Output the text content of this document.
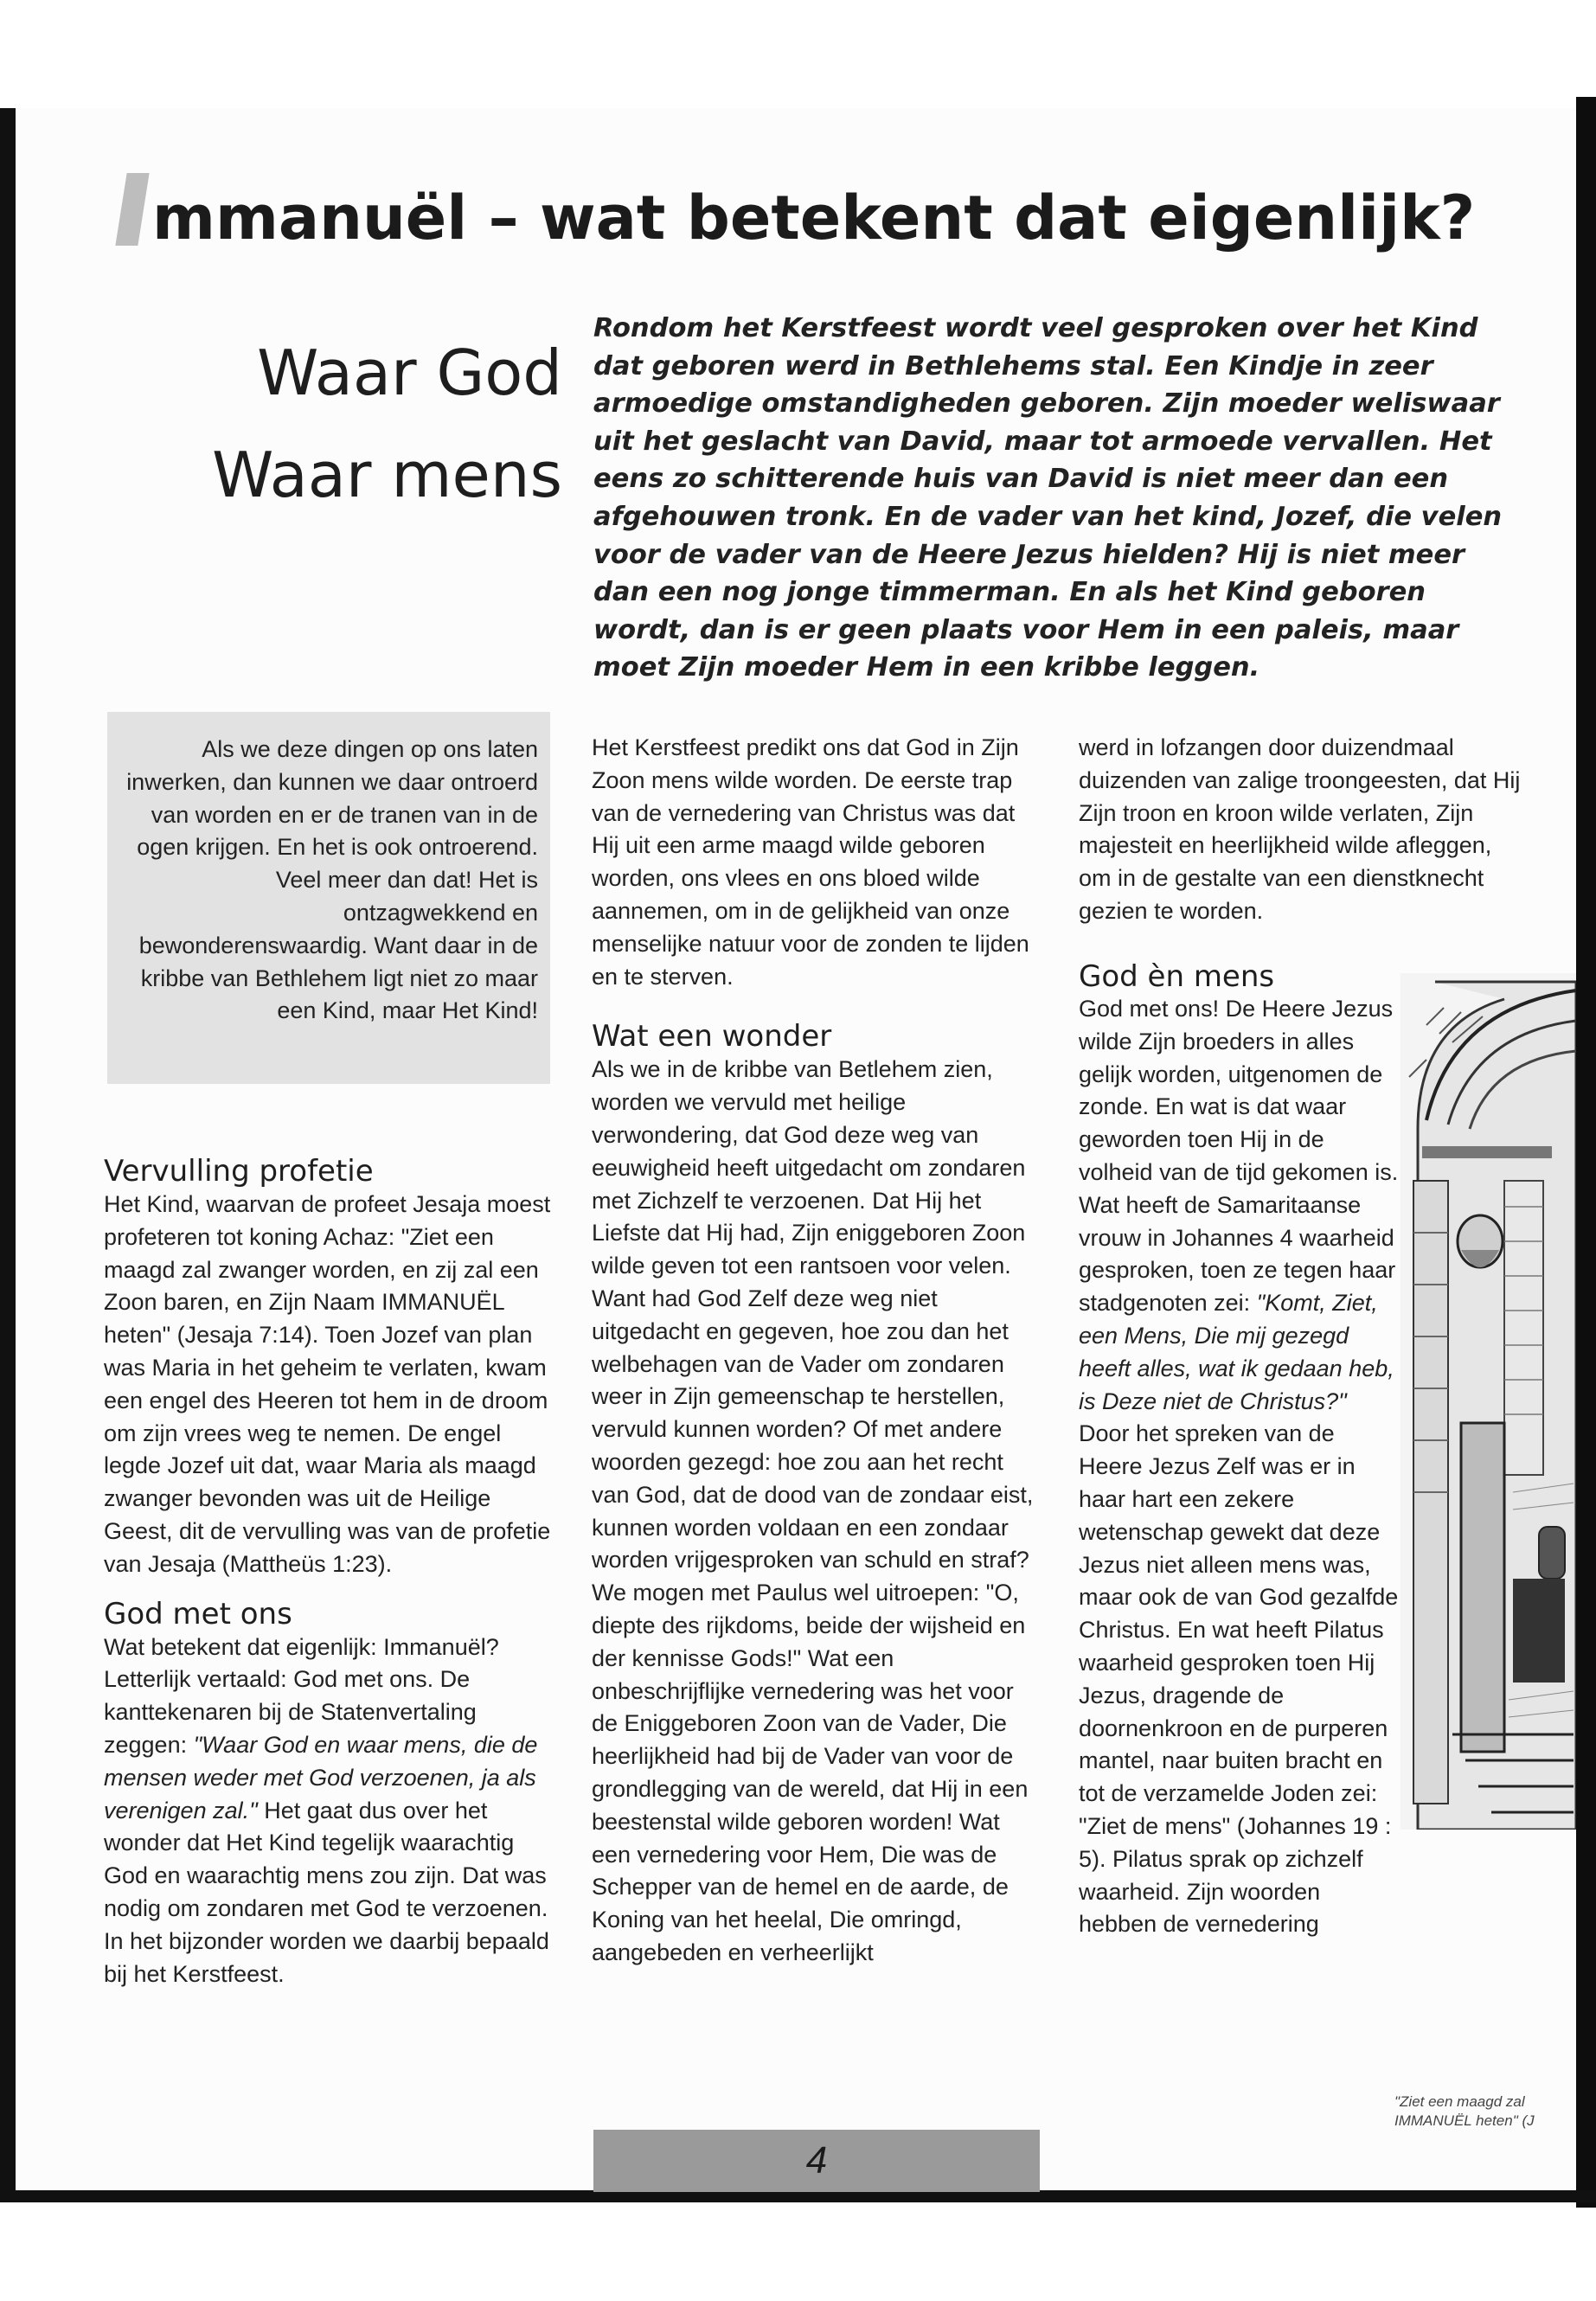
mmanuël – wat betekent dat eigenlijk?
Waar God
Waar mens

Rondom het Kerstfeest wordt veel gesproken over het Kind dat geboren werd in Bethlehems stal. Een Kindje in zeer armoedige omstandigheden geboren. Zijn moeder weliswaar uit het geslacht van David, maar tot armoede vervallen. Het eens zo schitterende huis van David is niet meer dan een afgehouwen tronk. En de vader van het kind, Jozef, die velen voor de vader van de Heere Jezus hielden? Hij is niet meer dan een nog jonge timmerman. En als het Kind geboren wordt, dan is er geen plaats voor Hem in een paleis, maar moet Zijn moeder Hem in een kribbe leggen.

Als we deze dingen op ons laten inwerken, dan kunnen we daar ontroerd van worden en er de tranen van in de ogen krijgen. En het is ook ontroerend. Veel meer dan dat! Het is ontzagwekkend en bewonderenswaardig. Want daar in de kribbe van Bethlehem ligt niet zo maar een Kind, maar Het Kind!

Vervulling profetie

Het Kind, waarvan de profeet Jesaja moest profeteren tot koning Achaz: "Ziet een maagd zal zwanger worden, en zij zal een Zoon baren, en Zijn Naam IMMANUËL heten" (Jesaja 7:14). Toen Jozef van plan was Maria in het geheim te verlaten, kwam een engel des Heeren tot hem in de droom om zijn vrees weg te nemen. De engel legde Jozef uit dat, waar Maria als maagd zwanger bevonden was uit de Heilige Geest, dit de vervulling was van de profetie van Jesaja (Mattheüs 1:23).

God met ons

Wat betekent dat eigenlijk: Immanuël? Letterlijk vertaald: God met ons. De kanttekenaren bij de Statenvertaling zeggen: "Waar God en waar mens, die de mensen weder met God verzoenen, ja als verenigen zal." Het gaat dus over het wonder dat Het Kind tegelijk waarachtig God en waarachtig mens zou zijn. Dat was nodig om zondaren met God te verzoenen. In het bijzonder worden we daarbij bepaald bij het Kerstfeest.

Het Kerstfeest predikt ons dat God in Zijn Zoon mens wilde worden. De eerste trap van de vernedering van Christus was dat Hij uit een arme maagd wilde geboren worden, ons vlees en ons bloed wilde aannemen, om in de gelijkheid van onze menselijke natuur voor de zonden te lijden en te sterven.

Wat een wonder

Als we in de kribbe van Betlehem zien, worden we vervuld met heilige verwondering, dat God deze weg van eeuwigheid heeft uitgedacht om zondaren met Zichzelf te verzoenen. Dat Hij het Liefste dat Hij had, Zijn eniggeboren Zoon wilde geven tot een rantsoen voor velen. Want had God Zelf deze weg niet uitgedacht en gegeven, hoe zou dan het welbehagen van de Vader om zondaren weer in Zijn gemeenschap te herstellen, vervuld kunnen worden? Of met andere woorden gezegd: hoe zou aan het recht van God, dat de dood van de zondaar eist, kunnen worden voldaan en een zondaar worden vrijgesproken van schuld en straf? We mogen met Paulus wel uitroepen: "O, diepte des rijkdoms, beide der wijsheid en der kennisse Gods!" Wat een onbeschrijflijke vernedering was het voor de Eniggeboren Zoon van de Vader, Die heerlijkheid had bij de Vader van voor de grondlegging van de wereld, dat Hij in een beestenstal wilde geboren worden! Wat een vernedering voor Hem, Die was de Schepper van de hemel en de aarde, de Koning van het heelal, Die omringd, aangebeden en verheerlijkt

werd in lofzangen door duizendmaal duizenden van zalige troongeesten, dat Hij Zijn troon en kroon wilde verlaten, Zijn majesteit en heerlijkheid wilde afleggen, om in de gestalte van een dienstknecht gezien te worden.

God èn mens

God met ons! De Heere Jezus wilde Zijn broeders in alles gelijk worden, uitgenomen de zonde. En wat is dat waar geworden toen Hij in de volheid van de tijd gekomen is. Wat heeft de Samaritaanse vrouw in Johannes 4 waarheid gesproken, toen ze tegen haar stadgenoten zei: "Komt, Ziet, een Mens, Die mij gezegd heeft alles, wat ik gedaan heb, is Deze niet de Christus?" Door het spreken van de Heere Jezus Zelf was er in haar hart een zekere wetenschap gewekt dat deze Jezus niet alleen mens was, maar ook de van God gezalfde Christus. En wat heeft Pilatus waarheid gesproken toen Hij Jezus, dragende de doornenkroon en de purperen mantel, naar buiten bracht en tot de verzamelde Joden zei: "Ziet de mens" (Johannes 19 : 5). Pilatus sprak op zichzelf waarheid. Zijn woorden hebben de vernedering

"Ziet een maagd zal
IMMANUËL heten" (J
4
